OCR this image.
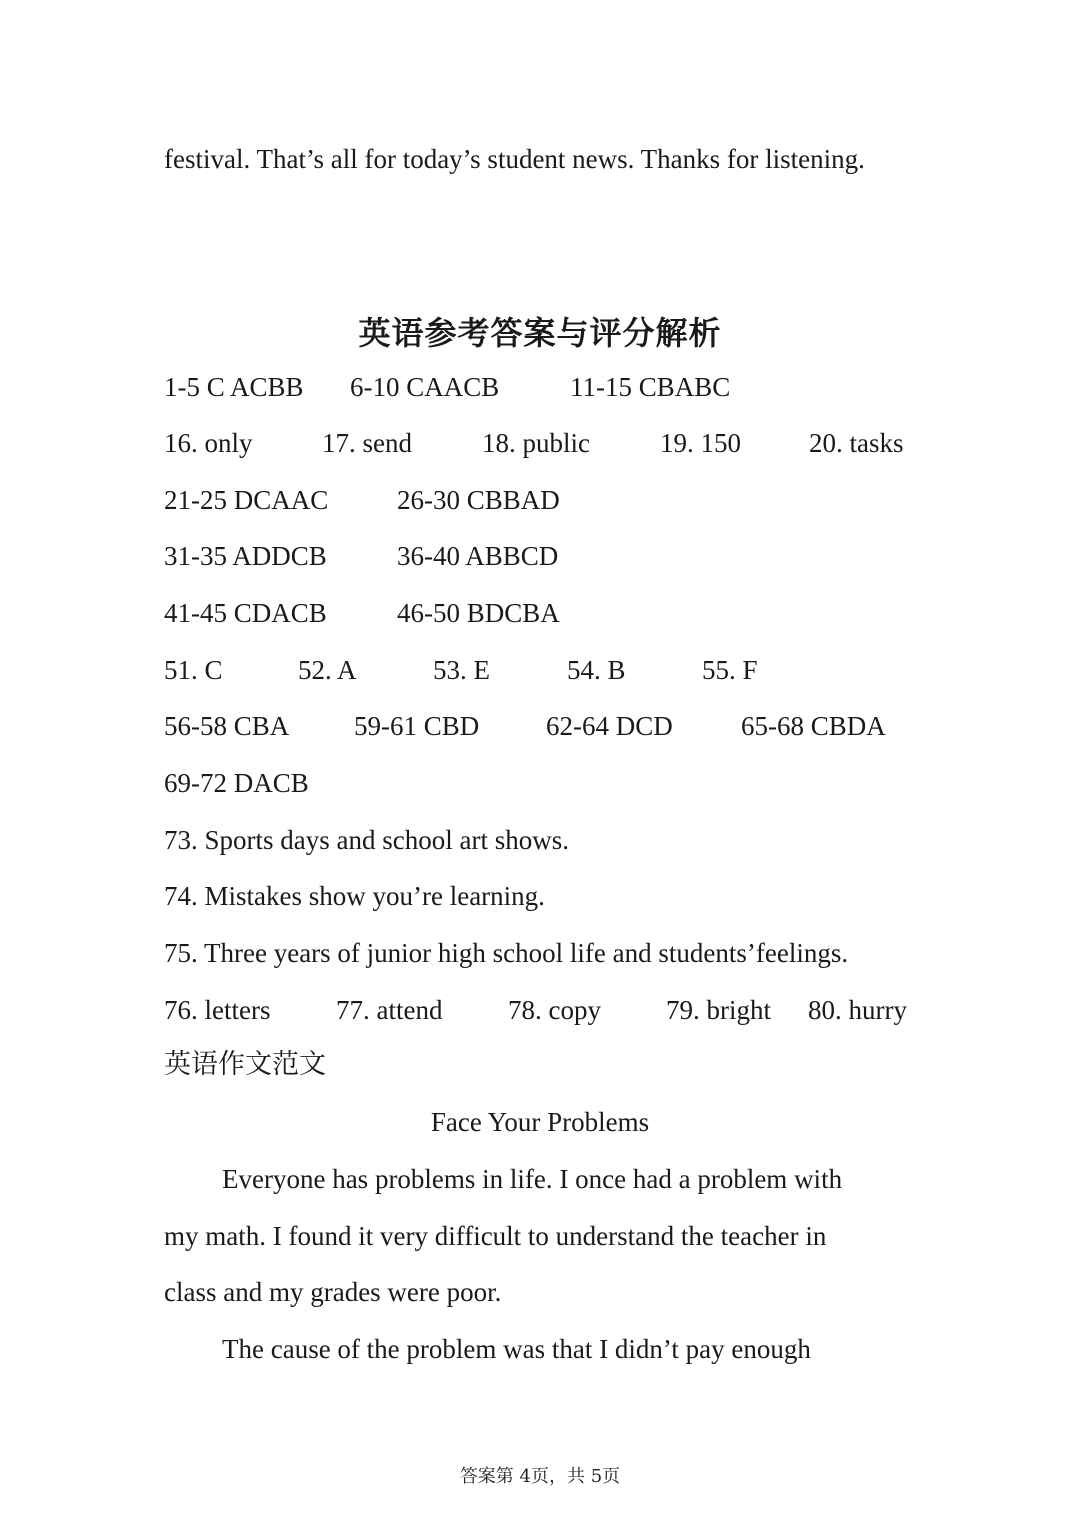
festival. That’s all for today’s student news. Thanks for listening.
英语参考答案与评分解析
1-5 C ACBB 6-10 CAACB	11-15 CBABC
16. only	17. send	18. public	19. 150	20. tasks
21-25 DCAAC	26-30 CBBAD
31-35 ADDCB	36-40 ABBCD
41-45 CDACB	46-50 BDCBA
51. C	52. A	53. E	54. B	55. F
56-58 CBA 59-61 CBD 62-64 DCD	65-68 CBDA
69-72 DACB
73. Sports days and school art shows.
74. Mistakes show you’re learning.
75. Three years of junior high school life and students’feelings.
76. letters 77. attend 78. copy 79. bright 80. hurry
英语作文范文
Face Your Problems
Everyone has problems in life. I once had a problem with
my math. I found it very difficult to understand the teacher in
class and my grades were poor.
The cause of the problem was that I didn’t pay enough
答案第 4页，共 5页
